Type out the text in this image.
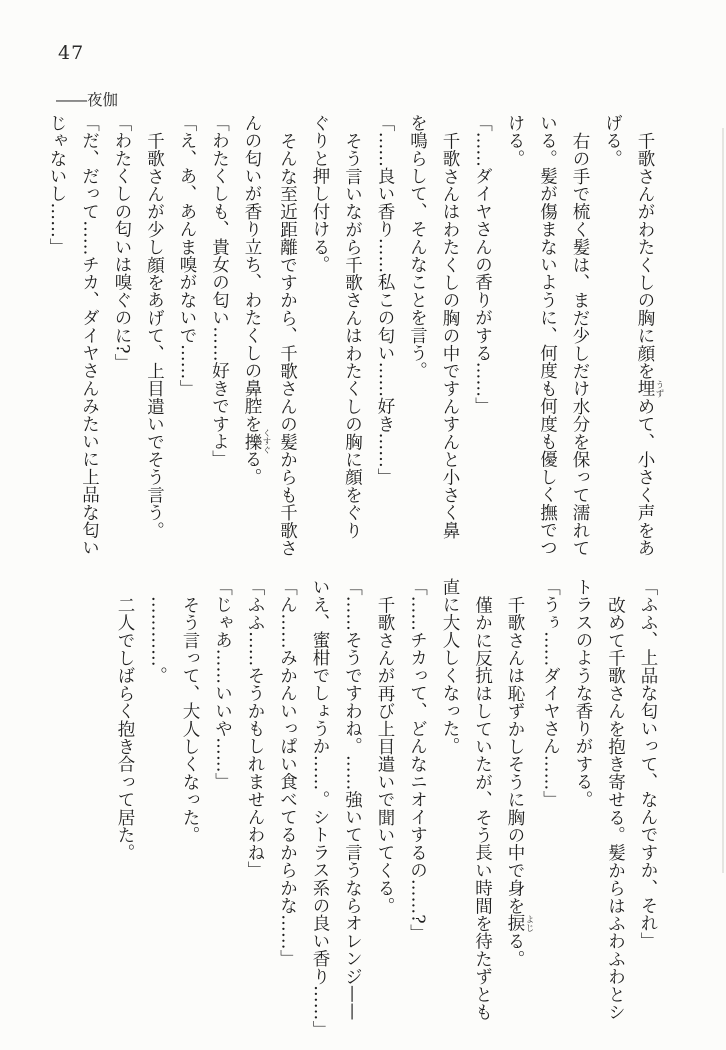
47
――夜伽

千歌さんがわたくしの胸に顔を埋 うずめて、小さく声をあ

げる。

右の手で梳く髪は、まだ少しだけ水分を保って濡れて

いる。髪が傷まないように、何度も何度も優しく撫でつ

ける。

「……ダイヤさんの香りがする……」

千歌さんはわたくしの胸の中ですんすんと小さく鼻

を鳴らして、そんなことを言う。

「……良い香り……私この匂い……好き……」

そう言いながら千歌さんはわたくしの胸に顔をぐり

ぐりと押し付ける。

そんな至近距離ですから、千歌さんの髪からも千歌さ

んの匂いが香り立ち、わたくしの鼻腔を擽 くすぐる。

「わたくしも、貴女の匂い……好きですよ」

「え、あ、あんま嗅がないで……」

千歌さんが少し顔をあげて、上目遣いでそう言う。

「わたくしの匂いは嗅ぐのに?」

「だ、だって……チカ、ダイヤさんみたいに上品な匂い

じゃないし……」

「ふふ、上品な匂いって、なんですか、それ」

改めて千歌さんを抱き寄せる。髪からはふわふわとシ

トラスのような香りがする。

「うぅ……ダイヤさん……」

千歌さんは恥ずかしそうに胸の中で身を捩 よじる。

僅かに反抗はしていたが、そう長い時間を待たずとも

直に大人しくなった。

「……チカって、どんなニオイするの……?」

千歌さんが再び上目遣いで聞いてくる。

「……そうですわね。……強いて言うならオレンジ——

いえ、蜜柑でしょうか……。シトラス系の良い香り……」

「ん……みかんいっぱい食べてるからかな……」

「ふふ……そうかもしれませんわね」

「じゃあ……いいや……」

そう言って、大人しくなった。

…………。

二人でしばらく抱き合って居た。
